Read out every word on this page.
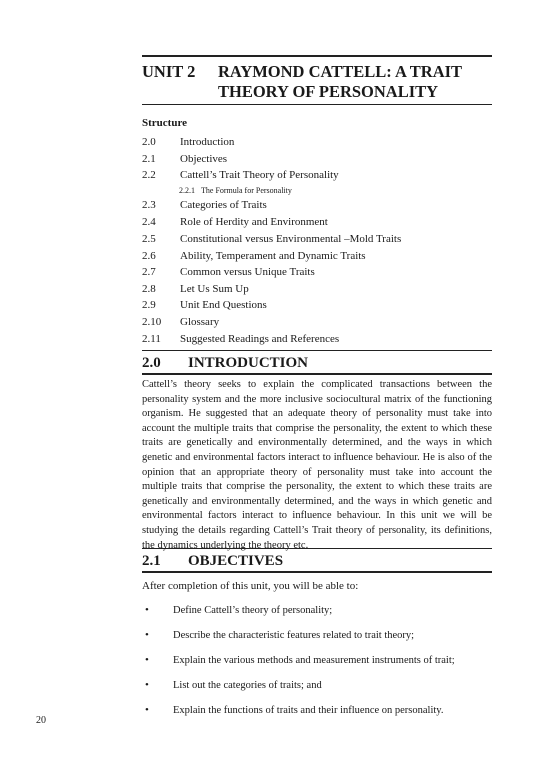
UNIT 2 RAYMOND CATTELL: A TRAIT
THEORY OF PERSONALITY
Structure
2.0 Introduction
2.1 Objectives
2.2 Cattell’s Trait Theory of Personality
2.2.1 The Formula for Personality
2.3 Categories of Traits
2.4 Role of Herdity and Environment
2.5 Constitutional versus Environmental –Mold Traits
2.6 Ability, Temperament and Dynamic Traits
2.7 Common versus Unique Traits
2.8 Let Us Sum Up
2.9 Unit End Questions
2.10 Glossary
2.11 Suggested Readings and References
2.0 INTRODUCTION

Cattell’s theory seeks to explain the complicated transactions between the personality system and the more inclusive sociocultural matrix of the functioning organism. He suggested that an adequate theory of personality must take into account the multiple traits that comprise the personality, the extent to which these traits are genetically and environmentally determined, and the ways in which genetic and environmental factors interact to influence behaviour. He is also of the opinion that an appropriate theory of personality must take into account the multiple traits that comprise the personality, the extent to which these traits are genetically and environmentally determined, and the ways in which genetic and environmental factors interact to influence behaviour. In this unit we will be studying the details regarding Cattell’s Trait theory of personality, its definitions, the dynamics underlying the theory etc.

2.1 OBJECTIVES
After completion of this unit, you will be able to:
• Define Cattell’s theory of personality;
• Describe the characteristic features related to trait theory;
• Explain the various methods and measurement instruments of trait;
• List out the categories of traits; and
• Explain the functions of traits and their influence on personality.
20
